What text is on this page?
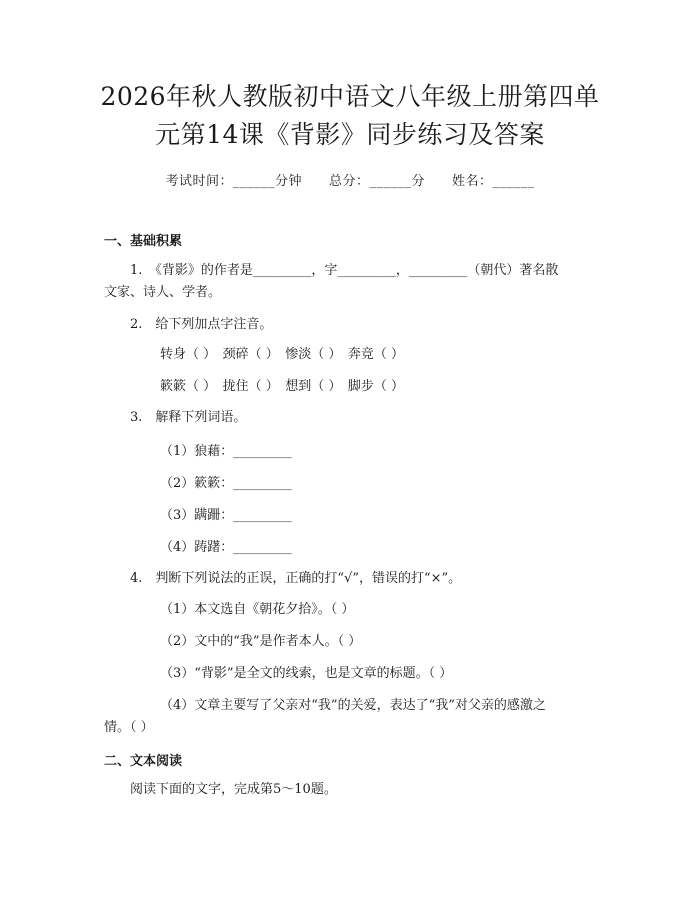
2026年秋人教版初中语文八年级上册第四单
元第14课《背影》同步练习及答案
考试时间：______分钟　　总分：______分　　姓名：______
一、基础积累
　　1.　《背影》的作者是_________，字_________，_________（朝代）著名散
文家、诗人、学者。
　　2.　给下列加点字注音。
转身（ ）　颈碎（ ）　惨淡（ ）　奔竞（ ）
簌簌（ ）　拢住（ ）　想到（ ）　脚步（ ）
　　3.　解释下列词语。
（1）狼藉：_________
（2）簌簌：_________
（3）蹒跚：_________
（4）踌躇：_________
　　4.　判断下列说法的正误，正确的打“√”，错误的打“×”。
（1）本文选自《朝花夕拾》。（ ）
（2）文中的“我”是作者本人。（ ）
（3）“背影”是全文的线索，也是文章的标题。（ ）
（4）文章主要写了父亲对“我”的关爱，表达了“我”对父亲的感激之
情。（ ）
二、文本阅读
阅读下面的文字，完成第5～10题。
